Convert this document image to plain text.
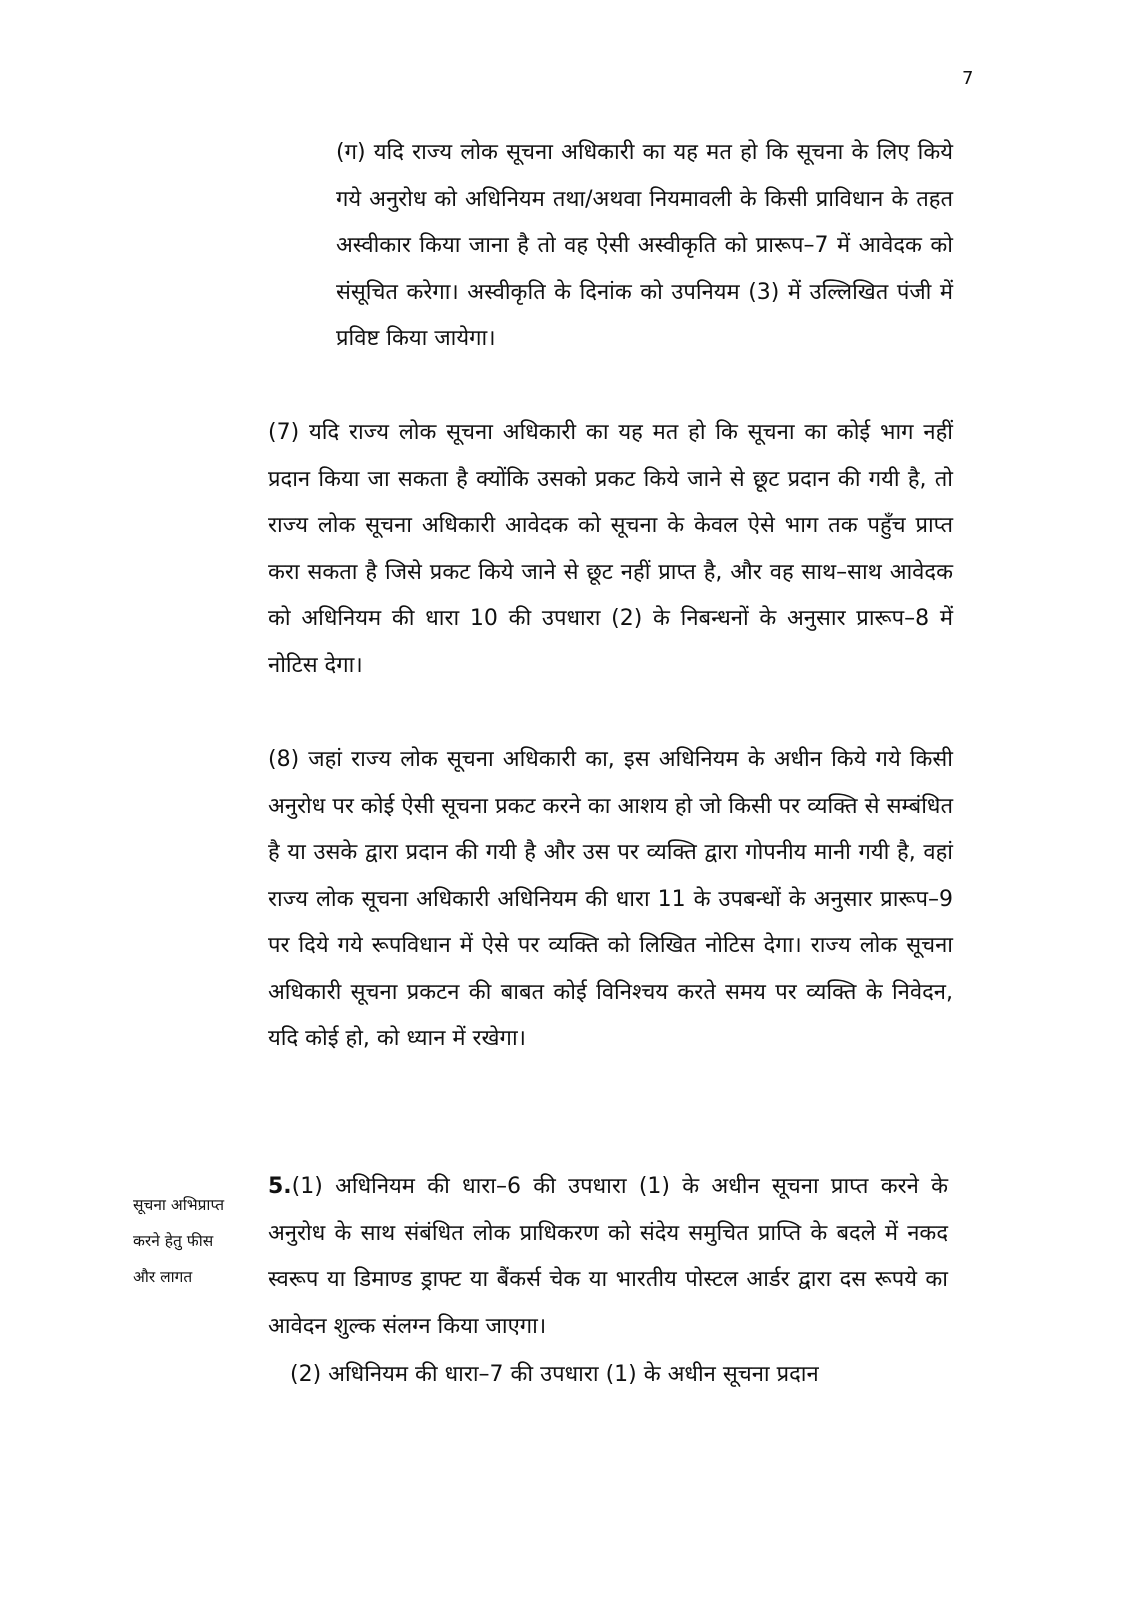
7

(ग) यदि राज्य लोक सूचना अधिकारी का यह मत हो कि सूचना के लिए किये गये अनुरोध को अधिनियम तथा/अथवा नियमावली के किसी प्राविधान के तहत अस्वीकार किया जाना है तो वह ऐसी अस्वीकृति को प्रारूप–7 में आवेदक को संसूचित करेगा। अस्वीकृति के दिनांक को उपनियम (3) में उल्लिखित पंजी में प्रविष्ट किया जायेगा।

(7) यदि राज्य लोक सूचना अधिकारी का यह मत हो कि सूचना का कोई भाग नहीं प्रदान किया जा सकता है क्योंकि उसको प्रकट किये जाने से छूट प्रदान की गयी है, तो राज्य लोक सूचना अधिकारी आवेदक को सूचना के केवल ऐसे भाग तक पहुँच प्राप्त करा सकता है जिसे प्रकट किये जाने से छूट नहीं प्राप्त है, और वह साथ–साथ आवेदक को अधिनियम की धारा 10 की उपधारा (2) के निबन्धनों के अनुसार प्रारूप–8 में नोटिस देगा।

(8) जहां राज्य लोक सूचना अधिकारी का, इस अधिनियम के अधीन किये गये किसी अनुरोध पर कोई ऐसी सूचना प्रकट करने का आशय हो जो किसी पर व्यक्ति से सम्बंधित है या उसके द्वारा प्रदान की गयी है और उस पर व्यक्ति द्वारा गोपनीय मानी गयी है, वहां राज्य लोक सूचना अधिकारी अधिनियम की धारा 11 के उपबन्धों के अनुसार प्रारूप–9 पर दिये गये रूपविधान में ऐसे पर व्यक्ति को लिखित नोटिस देगा। राज्य लोक सूचना अधिकारी सूचना प्रकटन की बाबत कोई विनिश्चय करते समय पर व्यक्ति के निवेदन, यदि कोई हो, को ध्यान में रखेगा।

सूचना अभिप्राप्त
करने हेतु फीस
और लागत

5.(1) अधिनियम की धारा–6 की उपधारा (1) के अधीन सूचना प्राप्त करने के अनुरोध के साथ संबंधित लोक प्राधिकरण को संदेय समुचित प्राप्ति के बदले में नकद स्वरूप या डिमाण्ड ड्राफ्ट या बैंकर्स चेक या भारतीय पोस्टल आर्डर द्वारा दस रूपये का आवेदन शुल्क संलग्न किया जाएगा।

(2) अधिनियम की धारा–7 की उपधारा (1) के अधीन सूचना प्रदान
